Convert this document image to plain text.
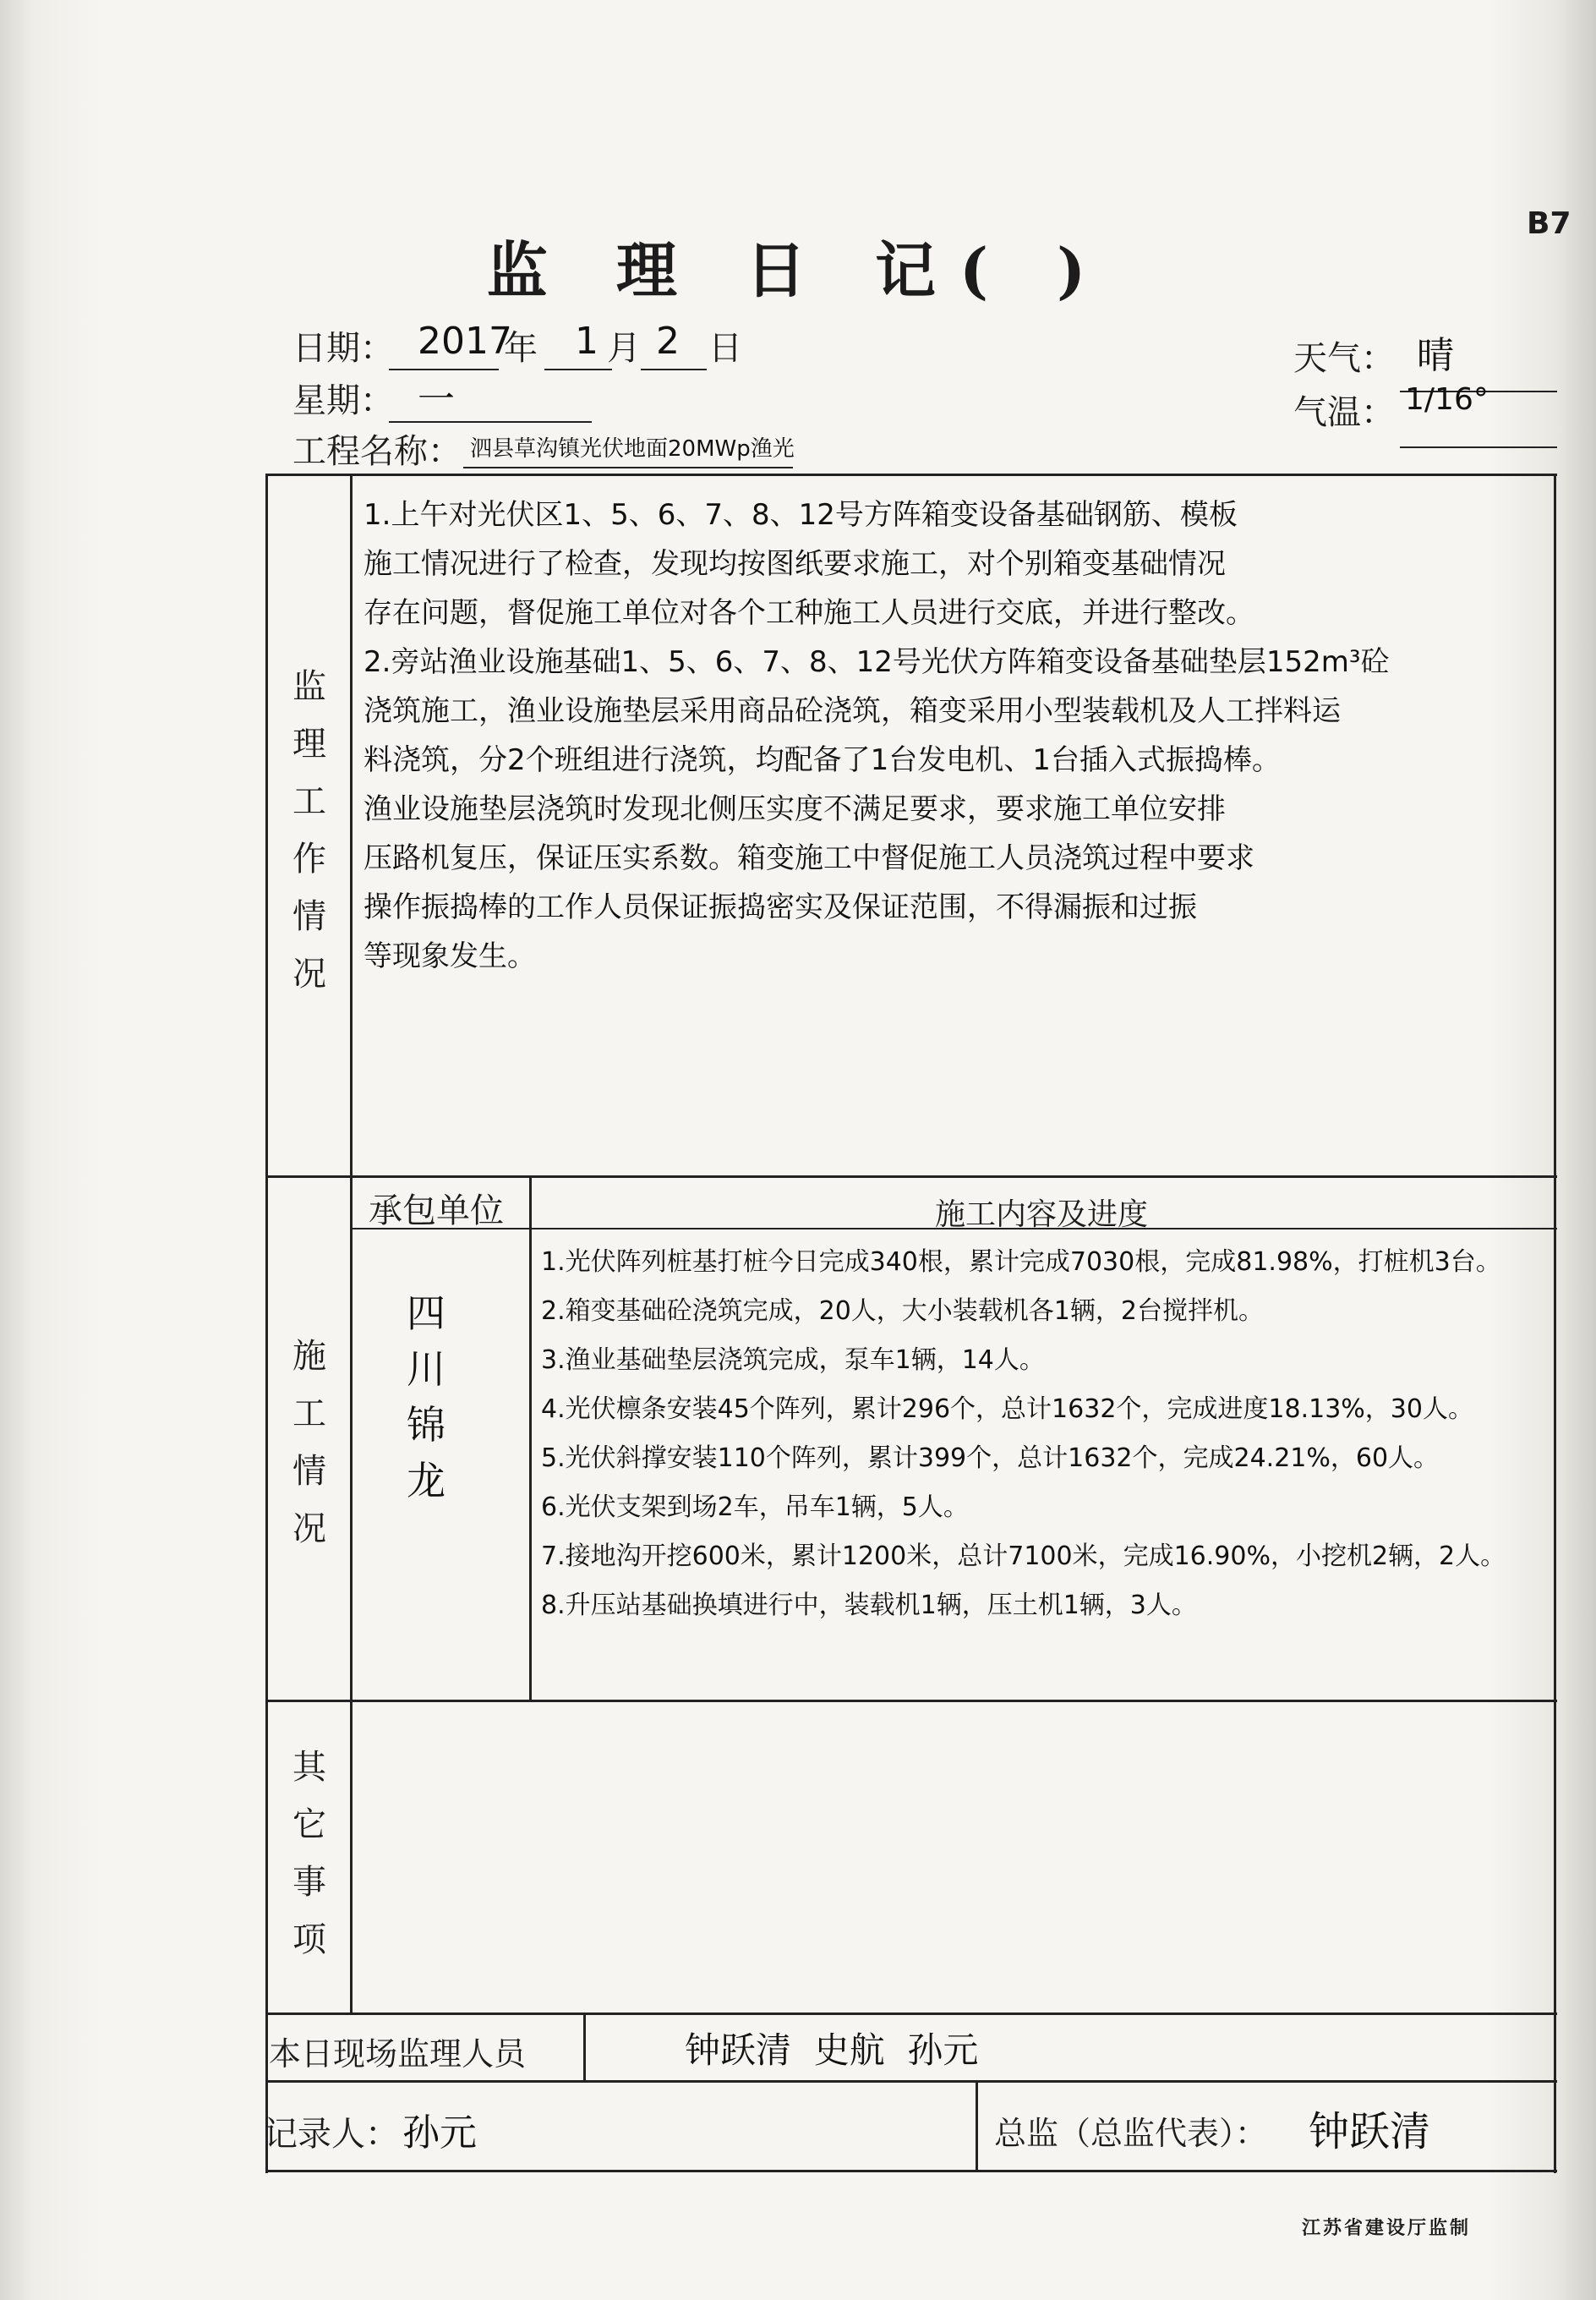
监 理 日 记( )
B7
日期： 2017
年 1 月 2 日
星期： 一
工程名称： 泗县草沟镇光伏地面20MWp渔光
天气： 晴
气温： 1/16°
监
理
工
作
情
况
1.上午对光伏区1、5、6、7、8、12号方阵箱变设备基础钢筋、模板
施工情况进行了检查，发现均按图纸要求施工，对个别箱变基础情况
存在问题，督促施工单位对各个工种施工人员进行交底，并进行整改。
2.旁站渔业设施基础1、5、6、7、8、12号光伏方阵箱变设备基础垫层152m³砼
浇筑施工，渔业设施垫层采用商品砼浇筑，箱变采用小型装载机及人工拌料运
料浇筑，分2个班组进行浇筑，均配备了1台发电机、1台插入式振捣棒。
渔业设施垫层浇筑时发现北侧压实度不满足要求，要求施工单位安排
压路机复压，保证压实系数。箱变施工中督促施工人员浇筑过程中要求
操作振捣棒的工作人员保证振捣密实及保证范围，不得漏振和过振
等现象发生。
施
工
情
况
承包单位	施工内容及进度
四
川
锦
龙
1.光伏阵列桩基打桩今日完成340根，累计完成7030根，完成81.98%，打桩机3台。
2.箱变基础砼浇筑完成，20人，大小装载机各1辆，2台搅拌机。
3.渔业基础垫层浇筑完成，泵车1辆，14人。
4.光伏檩条安装45个阵列，累计296个，总计1632个，完成进度18.13%，30人。
5.光伏斜撑安装110个阵列，累计399个，总计1632个，完成24.21%，60人。
6.光伏支架到场2车，吊车1辆，5人。
7.接地沟开挖600米，累计1200米，总计7100米，完成16.90%，小挖机2辆，2人。
8.升压站基础换填进行中，装载机1辆，压土机1辆，3人。
其
它
事
项
本日现场监理人员	钟跃清  史航  孙元
记录人： 孙元	总监（总监代表）： 钟跃清
江苏省建设厅监制
